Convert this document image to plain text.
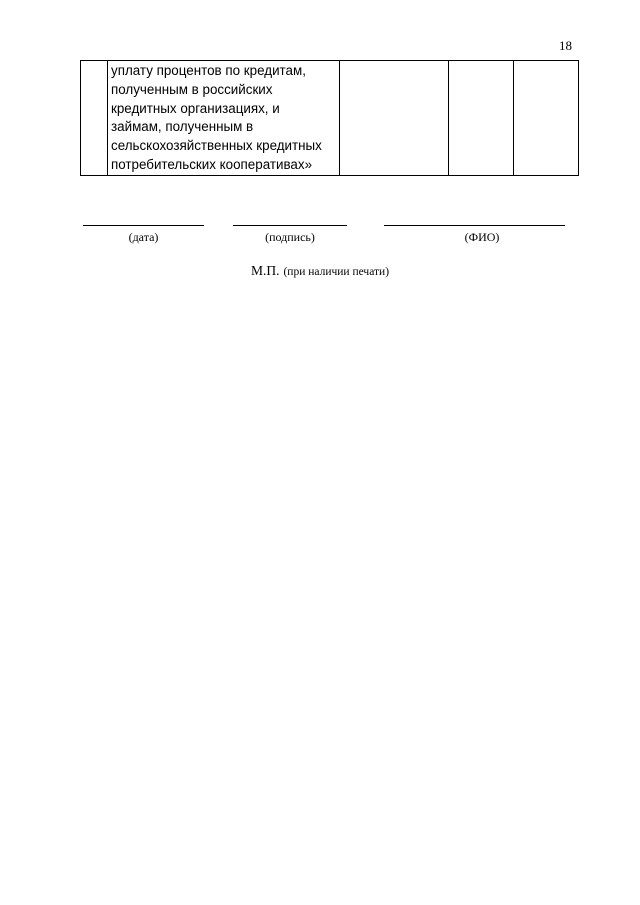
18

уплату процентов по кредитам,
полученным в российских
кредитных организациях, и
займам, полученным в
сельскохозяйственных кредитных
потребительских кооперативах»

(дата)	(подпись)	(ФИО)
М.П. (при наличии печати)
